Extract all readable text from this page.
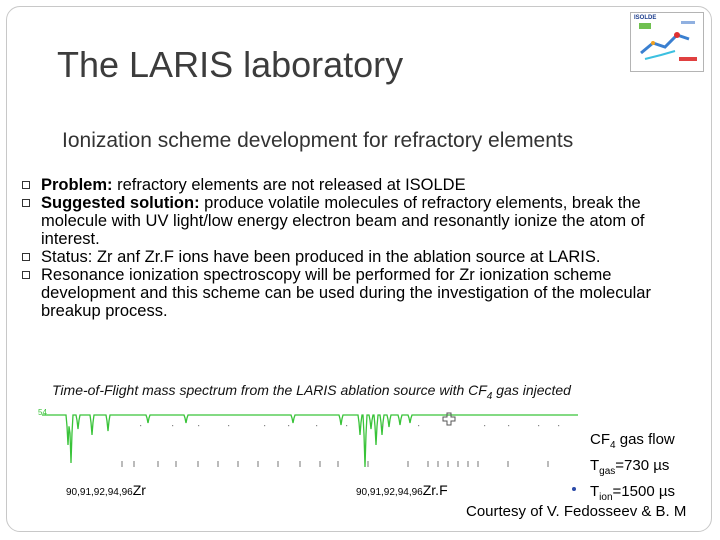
The LARIS laboratory
ISOLDE
Ionization scheme development for refractory elements
Problem: refractory elements are not released at ISOLDE
Suggested solution: produce volatile molecules of refractory elements, break the molecule with UV light/low energy electron beam and resonantly ionize the atom of interest.
Status: Zr anf Zr.F ions have been produced in the ablation source at LARIS.
Resonance ionization spectroscopy will be performed for Zr ionization scheme development and this scheme can be used during the investigation of the molecular breakup process.
Time-of-Flight mass spectrum from the LARIS ablation source with $CF_4$ gas injected
54
90,91,92,94,96Zr	90,91,92,94,96Zr.F
$CF_4$ gas flow
$T_{gas}=730$ µs
$T_{ion}=1500$ µs
Courtesy of V. Fedosseev & B. M
